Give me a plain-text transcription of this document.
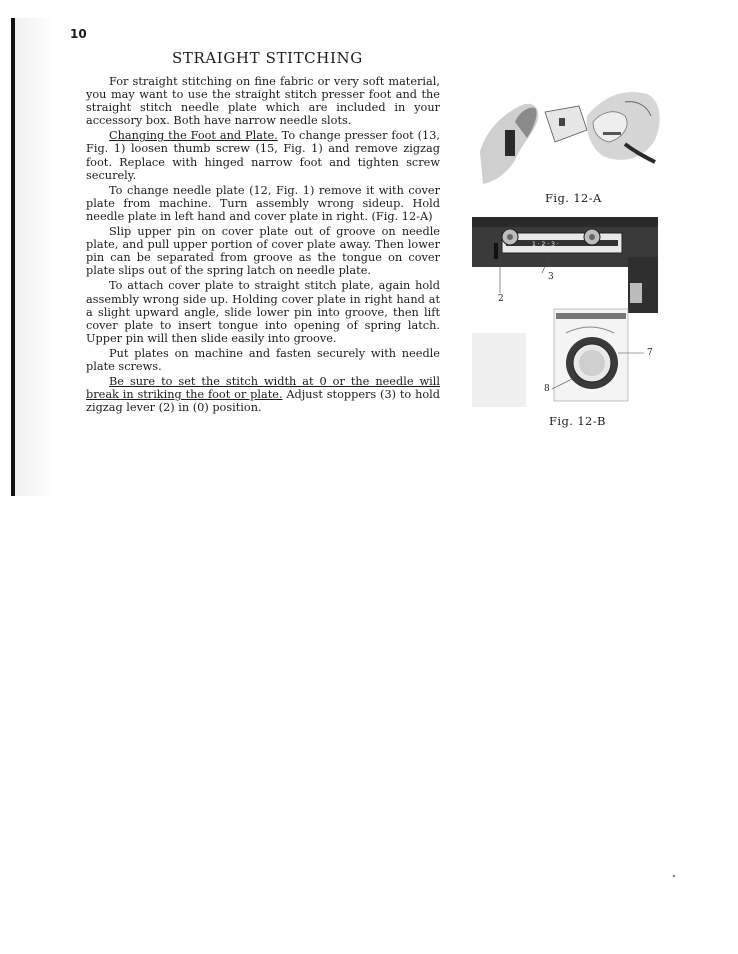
10
STRAIGHT STITCHING

For straight stitching on fine fabric or very soft material, you may want to use the straight stitch presser foot and the straight stitch needle plate which are included in your accessory box. Both have narrow needle slots.

Changing the Foot and Plate. To change presser foot (13, Fig. 1) loosen thumb screw (15, Fig. 1) and remove zigzag foot. Replace with hinged narrow foot and tighten screw securely.

To change needle plate (12, Fig. 1) remove it with cover plate from machine. Turn assembly wrong sideup. Hold needle plate in left hand and cover plate in right. (Fig. 12-A)

Slip upper pin on cover plate out of groove on needle plate, and pull upper portion of cover plate away. Then lower pin can be separated from groove as the tongue on cover plate slips out of the spring latch on needle plate.

To attach cover plate to straight stitch plate, again hold assembly wrong side up. Holding cover plate in right hand at a slight upward angle, slide lower pin into groove, then lift cover plate to insert tongue into opening of spring latch. Upper pin will then slide easily into groove.

Put plates on machine and fasten securely with needle plate screws.

Be sure to set the stitch width at 0 or the needle will break in striking the foot or plate. Adjust stoppers (3) to hold zigzag lever (2) in (0) position.

Fig. 12-A
1 · 2 · 3 ·
2
3
7
8
Fig. 12-B
